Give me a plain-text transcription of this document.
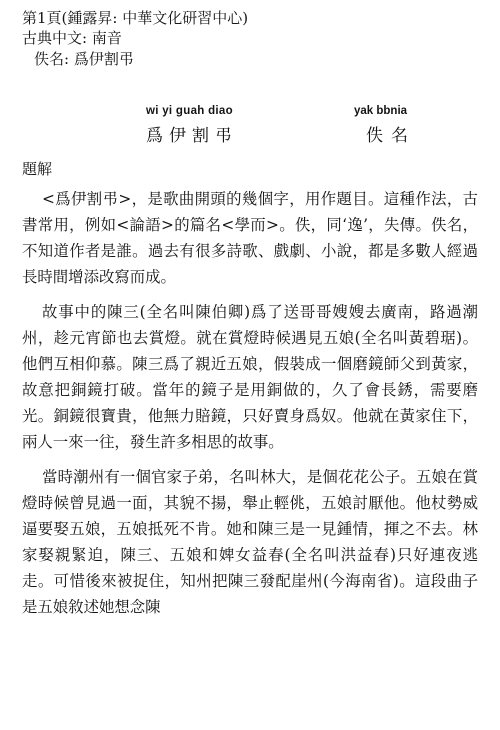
第1頁(鍾露昇: 中華文化研習中心)
古典中文: 南音
佚名: 爲伊割弔
wi yi guah diao	yak bbnia
爲伊割弔	佚名
題解

<爲伊割弔>，是歌曲開頭的幾個字，用作題目。這種作法，古書常用，例如<論語>的篇名<學而>。佚，同‘逸’，失傳。佚名，不知道作者是誰。過去有很多詩歌、戲劇、小說，都是多數人經過長時間增添改寫而成。

故事中的陳三(全名叫陳伯卿)爲了送哥哥嫂嫂去廣南，路過潮州，趁元宵節也去賞燈。就在賞燈時候遇見五娘(全名叫黃碧琚)。他們互相仰慕。陳三爲了親近五娘，假裝成一個磨鏡師父到黃家，故意把銅鏡打破。當年的鏡子是用銅做的，久了會長銹，需要磨光。銅鏡很寶貴，他無力賠鏡，只好賣身爲奴。他就在黃家住下，兩人一來一往，發生許多相思的故事。

當時潮州有一個官家子弟，名叫林大，是個花花公子。五娘在賞燈時候曾見過一面，其貌不揚，舉止輕佻，五娘討厭他。他杖勢威逼要娶五娘，五娘抵死不肯。她和陳三是一見鍾情，揮之不去。林家娶親緊迫，陳三、五娘和婢女益春(全名叫洪益春)只好連夜逃走。可惜後來被捉住，知州把陳三發配崖州(今海南省)。這段曲子是五娘敘述她想念陳
